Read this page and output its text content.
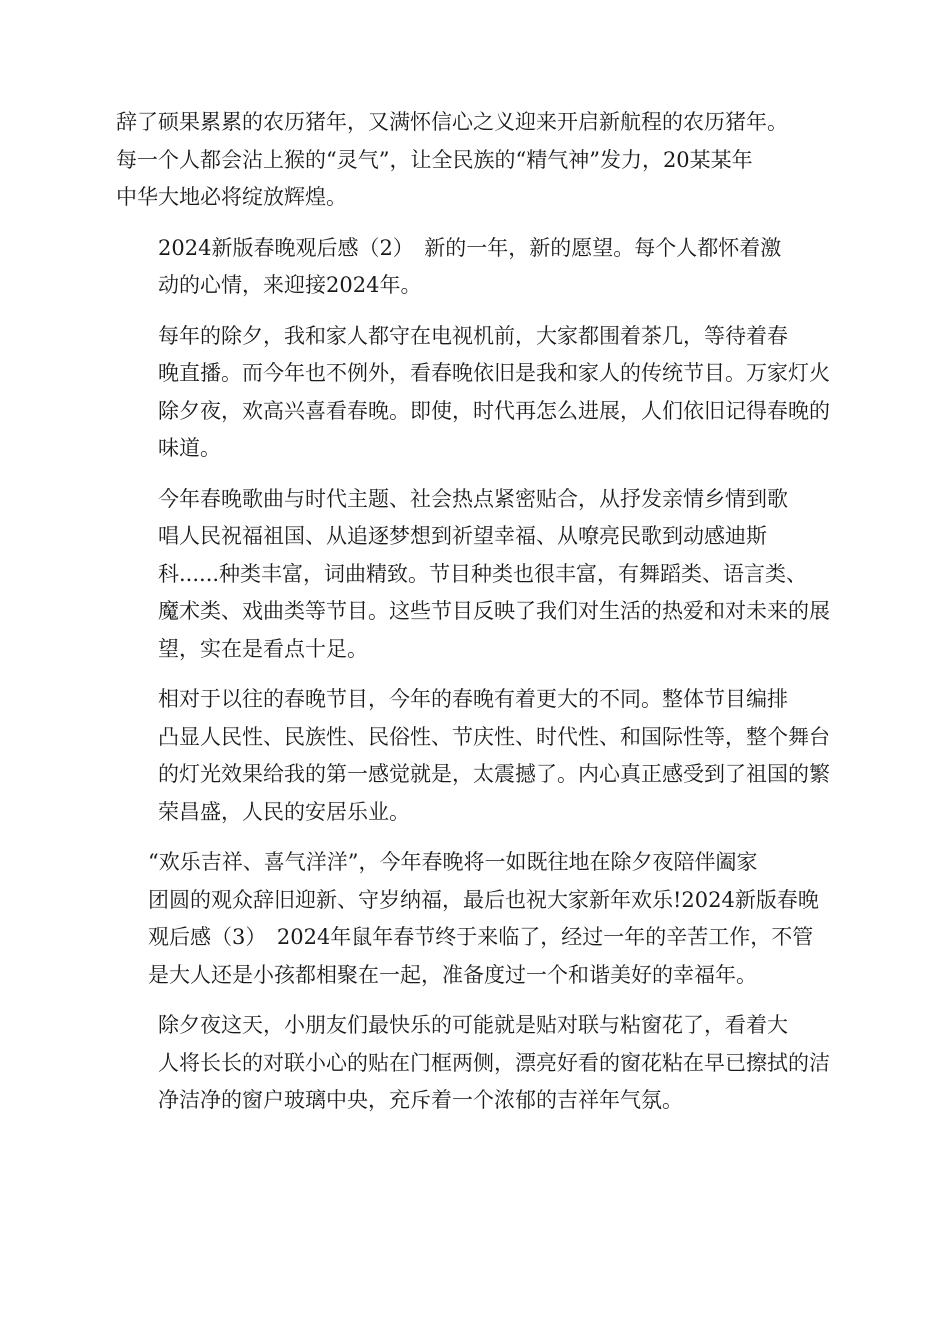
辞了硕果累累的农历猪年，又满怀信心之义迎来开启新航程的农历猪年。
每一个人都会沾上猴的“灵气”，让全民族的“精气神”发力，20某某年
中华大地必将绽放辉煌。

2024新版春晚观后感（2）　新的一年，新的愿望。每个人都怀着激
动的心情，来迎接2024年。

每年的除夕，我和家人都守在电视机前，大家都围着茶几，等待着春
晚直播。而今年也不例外，看春晚依旧是我和家人的传统节目。万家灯火
除夕夜，欢高兴喜看春晚。即使，时代再怎么进展，人们依旧记得春晚的
味道。

今年春晚歌曲与时代主题、社会热点紧密贴合，从抒发亲情乡情到歌
唱人民祝福祖国、从追逐梦想到祈望幸福、从嘹亮民歌到动感迪斯
科......种类丰富，词曲精致。节目种类也很丰富，有舞蹈类、语言类、
魔术类、戏曲类等节目。这些节目反映了我们对生活的热爱和对未来的展
望，实在是看点十足。

相对于以往的春晚节目，今年的春晚有着更大的不同。整体节目编排
凸显人民性、民族性、民俗性、节庆性、时代性、和国际性等，整个舞台
的灯光效果给我的第一感觉就是，太震撼了。内心真正感受到了祖国的繁
荣昌盛，人民的安居乐业。

“欢乐吉祥、喜气洋洋”，今年春晚将一如既往地在除夕夜陪伴阖家
团圆的观众辞旧迎新、守岁纳福，最后也祝大家新年欢乐!2024新版春晚
观后感（3）　2024年鼠年春节终于来临了，经过一年的辛苦工作，不管
是大人还是小孩都相聚在一起，准备度过一个和谐美好的幸福年。

除夕夜这天，小朋友们最快乐的可能就是贴对联与粘窗花了，看着大
人将长长的对联小心的贴在门框两侧，漂亮好看的窗花粘在早已擦拭的洁
净洁净的窗户玻璃中央，充斥着一个浓郁的吉祥年气氛。
